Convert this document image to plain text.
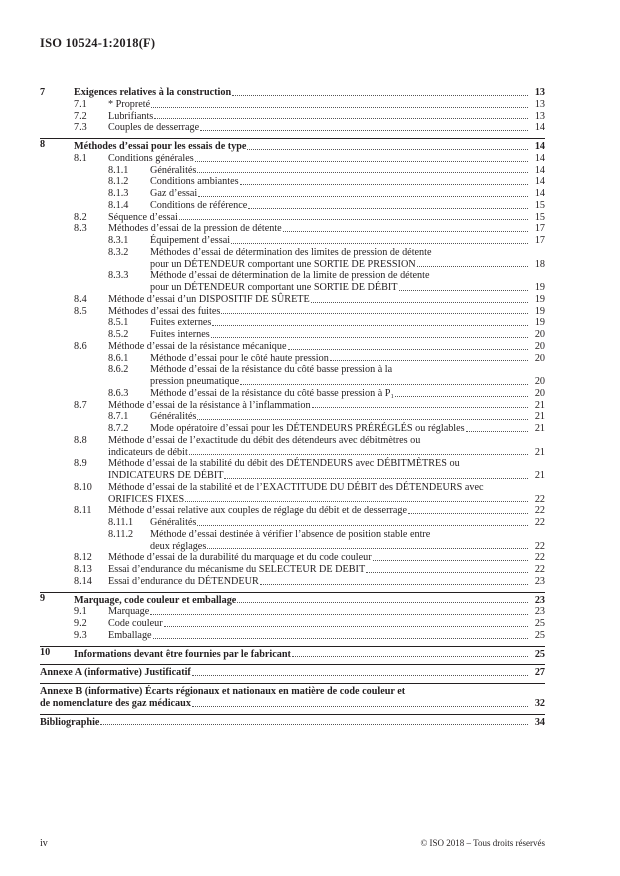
ISO 10524-1:2018(F)
7	Exigences relatives à la construction	13
7.1 * Propreté	13
7.2 Lubrifiants	13
7.3 Couples de desserrage	14
8	Méthodes d’essai pour les essais de type	14
8.1 Conditions générales	14
8.1.1 Généralités	14
8.1.2 Conditions ambiantes	14
8.1.3 Gaz d’essai	14
8.1.4 Conditions de référence	15
8.2 Séquence d’essai	15
8.3 Méthodes d’essai de la pression de détente	17
8.3.1 Équipement d’essai	17
8.3.2 Méthodes d’essai de détermination des limites de pression de détente
pour un DÉTENDEUR comportant une SORTIE DE PRESSION	18
8.3.3 Méthode d’essai de détermination de la limite de pression de détente
pour un DÉTENDEUR comportant une SORTIE DE DÉBIT	19
8.4 Méthode d’essai d’un DISPOSITIF DE SÛRETE	19
8.5 Méthodes d’essai des fuites	19
8.5.1 Fuites externes	19
8.5.2 Fuites internes	20
8.6 Méthode d’essai de la résistance mécanique	20
8.6.1 Méthode d’essai pour le côté haute pression	20
8.6.2 Méthode d’essai de la résistance du côté basse pression à la
pression pneumatique	20
8.6.3 Méthode d’essai de la résistance du côté basse pression à P₁	20
8.7 Méthode d’essai de la résistance à l’inflammation	21
8.7.1 Généralités	21
8.7.2 Mode opératoire d’essai pour les DÉTENDEURS PRÉRÉGLÉS ou réglables	21
8.8 Méthode d’essai de l’exactitude du débit des détendeurs avec débitmètres ou
indicateurs de débit	21
8.9 Méthode d’essai de la stabilité du débit des DÉTENDEURS avec DÉBITMÈTRES ou
INDICATEURS DE DÉBIT	21
8.10 Méthode d’essai de la stabilité et de l’EXACTITUDE DU DÉBIT des DÉTENDEURS avec
ORIFICES FIXES	22
8.11 Méthode d’essai relative aux couples de réglage du débit et de desserrage	22
8.11.1 Généralités	22
8.11.2 Méthode d’essai destinée à vérifier l’absence de position stable entre
deux réglages	22
8.12 Méthode d’essai de la durabilité du marquage et du code couleur	22
8.13 Essai d’endurance du mécanisme du SELECTEUR DE DEBIT	22
8.14 Essai d’endurance du DÉTENDEUR	23
9	Marquage, code couleur et emballage	23
9.1 Marquage	23
9.2 Code couleur	25
9.3 Emballage	25
10 Informations devant être fournies par le fabricant	25
Annexe A (informative) Justificatif	27
Annexe B (informative) Écarts régionaux et nationaux en matière de code couleur et
de nomenclature des gaz médicaux	32
Bibliographie	34
iv	© ISO 2018 – Tous droits réservés
